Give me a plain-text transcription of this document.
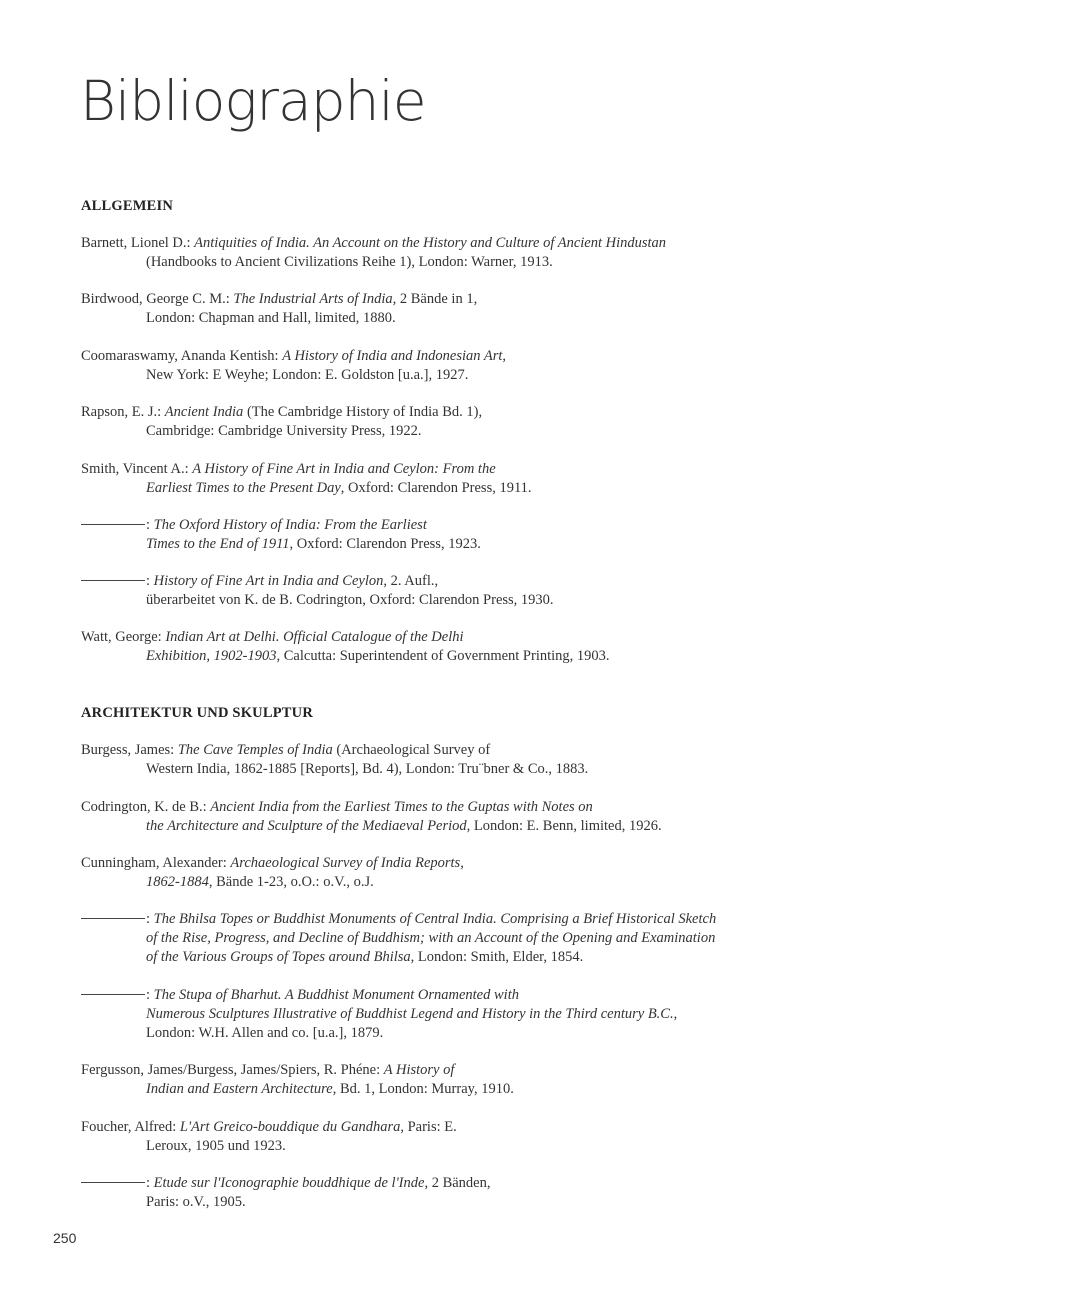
Bibliographie
ALLGEMEIN
Barnett, Lionel D.: Antiquities of India. An Account on the History and Culture of Ancient Hindustan
(Handbooks to Ancient Civilizations Reihe 1), London: Warner, 1913.
Birdwood, George C. M.: The Industrial Arts of India, 2 Bände in 1,
London: Chapman and Hall, limited, 1880.
Coomaraswamy, Ananda Kentish: A History of India and Indonesian Art,
New York: E Weyhe; London: E. Goldston [u.a.], 1927.
Rapson, E. J.: Ancient India (The Cambridge History of India Bd. 1),
Cambridge: Cambridge University Press, 1922.
Smith, Vincent A.: A History of Fine Art in India and Ceylon: From the
Earliest Times to the Present Day, Oxford: Clarendon Press, 1911.
: The Oxford History of India: From the Earliest
Times to the End of 1911, Oxford: Clarendon Press, 1923.
: History of Fine Art in India and Ceylon, 2. Aufl.,
überarbeitet von K. de B. Codrington, Oxford: Clarendon Press, 1930.
Watt, George: Indian Art at Delhi. Official Catalogue of the Delhi
Exhibition, 1902-1903, Calcutta: Superintendent of Government Printing, 1903.
ARCHITEKTUR UND SKULPTUR
Burgess, James: The Cave Temples of India (Archaeological Survey of
Western India, 1862-1885 [Reports], Bd. 4), London: Tru¨bner & Co., 1883.
Codrington, K. de B.: Ancient India from the Earliest Times to the Guptas with Notes on
the Architecture and Sculpture of the Mediaeval Period, London: E. Benn, limited, 1926.
Cunningham, Alexander: Archaeological Survey of India Reports,
1862-1884, Bände 1-23, o.O.: o.V., o.J.
: The Bhilsa Topes or Buddhist Monuments of Central India. Comprising a Brief Historical Sketch
of the Rise, Progress, and Decline of Buddhism; with an Account of the Opening and Examination
of the Various Groups of Topes around Bhilsa, London: Smith, Elder, 1854.
: The Stupa of Bharhut. A Buddhist Monument Ornamented with
Numerous Sculptures Illustrative of Buddhist Legend and History in the Third century B.C.,
London: W.H. Allen and co. [u.a.], 1879.
Fergusson, James/Burgess, James/Spiers, R. Phéne: A History of
Indian and Eastern Architecture, Bd. 1, London: Murray, 1910.
Foucher, Alfred: L'Art Greico-bouddique du Gandhara, Paris: E.
Leroux, 1905 und 1923.
: Etude sur l'Iconographie bouddhique de l'Inde, 2 Bänden,
Paris: o.V., 1905.
250
